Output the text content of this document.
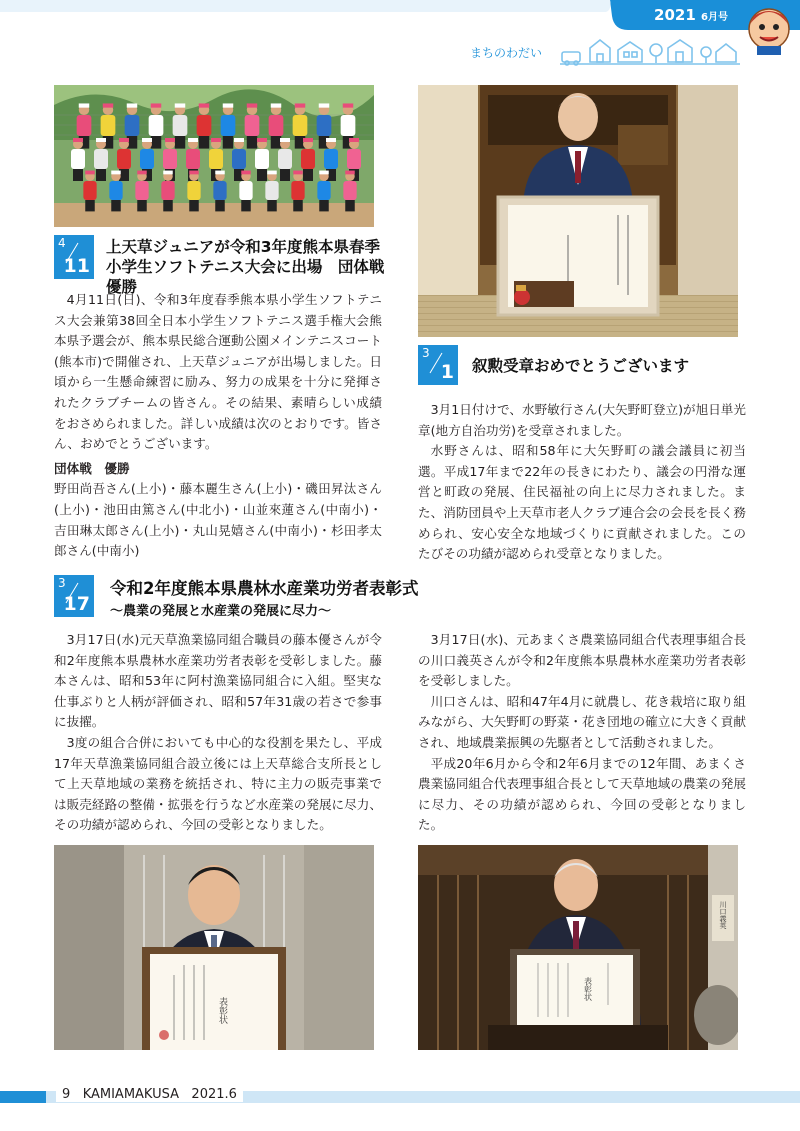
2021 6月号
まちのわだい
4
11
上天草ジュニアが令和3年度熊本県春季
小学生ソフトテニス大会に出場　団体戦優勝

4月11日(日)、令和3年度春季熊本県小学生ソフトテニス大会兼第38回全日本小学生ソフトテニス選手権大会熊本県予選会が、熊本県民総合運動公園メインテニスコート(熊本市)で開催され、上天草ジュニアが出場しました。日頃から一生懸命練習に励み、努力の成果を十分に発揮されたクラブチームの皆さん。その結果、素晴らしい成績をおさめられました。詳しい成績は次のとおりです。皆さん、おめでとうございます。

団体戦　優勝

野田尚吾さん(上小)・藤本麗生さん(上小)・磯田昇汰さん(上小)・池田由篤さん(中北小)・山並來蓮さん(中南小)・吉田琳太郎さん(上小)・丸山晃嬉さん(中南小)・杉田孝太郎さん(中南小)

3
1 叙勲受章おめでとうございます

3月1日付けで、水野敏行さん(大矢野町登立)が旭日単光章(地方自治功労)を受章されました。

水野さんは、昭和58年に大矢野町の議会議員に初当選。平成17年まで22年の長きにわたり、議会の円滑な運営と町政の発展、住民福祉の向上に尽力されました。また、消防団員や上天草市老人クラブ連合会の会長を長く務められ、安心安全な地域づくりに貢献されました。このたびその功績が認められ受章となりました。

3
17
令和2年度熊本県農林水産業功労者表彰式
～農業の発展と水産業の発展に尽力～

3月17日(水)元天草漁業協同組合職員の藤本優さんが令和2年度熊本県農林水産業功労者表彰を受彰しました。藤本さんは、昭和53年に阿村漁業協同組合に入組。堅実な仕事ぶりと人柄が評価され、昭和57年31歳の若さで参事に抜擢。

3度の組合合併においても中心的な役割を果たし、平成17年天草漁業協同組合設立後には上天草総合支所長として上天草地域の業務を統括され、特に主力の販売事業では販売経路の整備・拡張を行うなど水産業の発展に尽力、その功績が認められ、今回の受彰となりました。

3月17日(水)、元あまくさ農業協同組合代表理事組合長の川口義英さんが令和2年度熊本県農林水産業功労者表彰を受彰しました。

川口さんは、昭和47年4月に就農し、花き栽培に取り組みながら、大矢野町の野菜・花き団地の確立に大きく貢献され、地域農業振興の先駆者として活動されました。

平成20年6月から令和2年6月までの12年間、あまくさ農業協同組合代表理事組合長として天草地域の農業の発展に尽力、その功績が認められ、今回の受彰となりました。

表彰状
川口義英
表彰状
9 KAMIAMAKUSA 2021.6
